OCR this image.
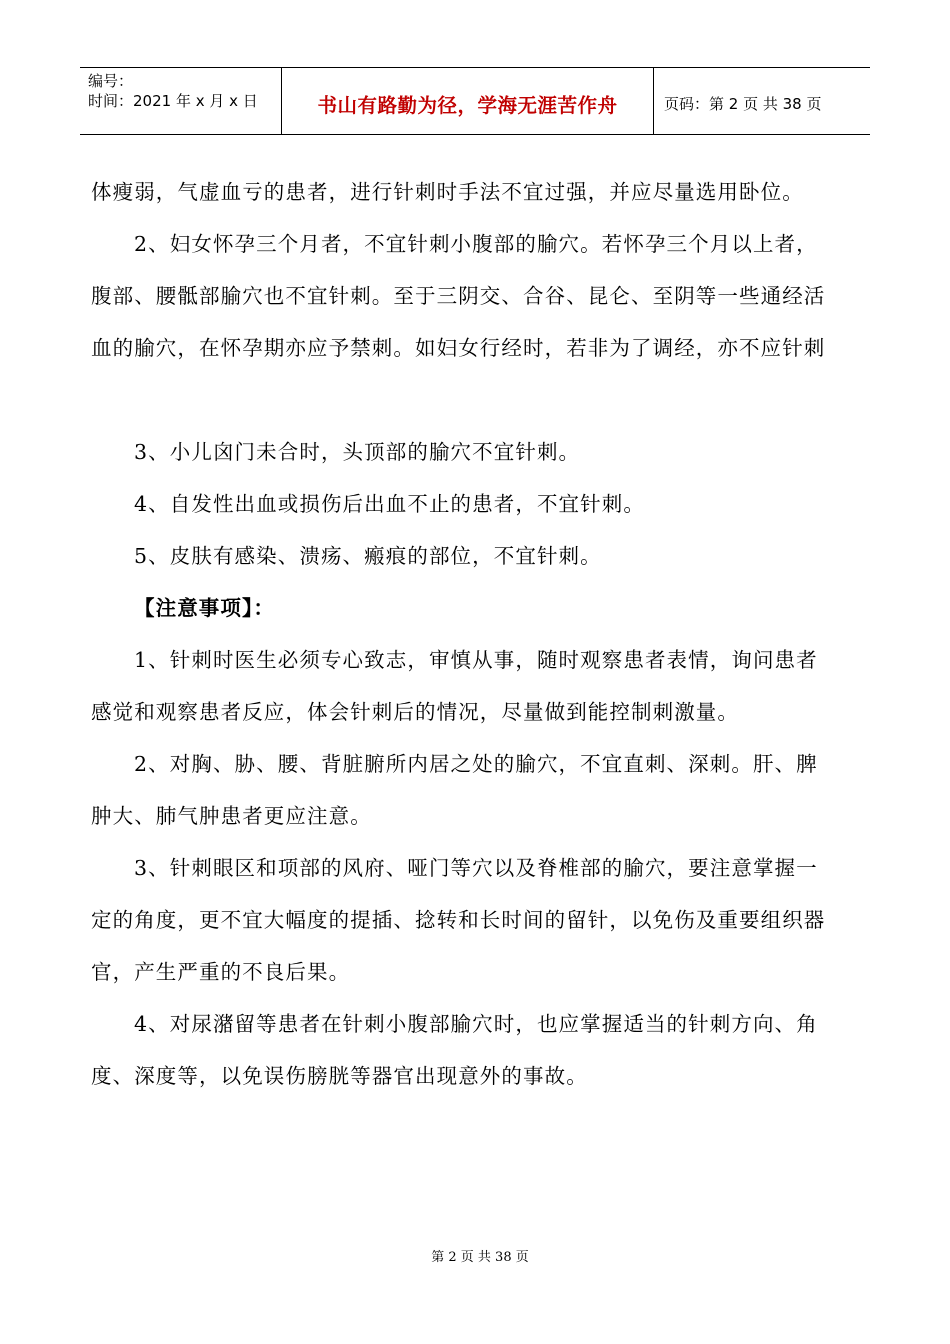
编号：
时间：2021 年 x 月 x 日	书山有路勤为径，学海无涯苦作舟	页码：第 2 页 共 38 页
体瘦弱，气虚血亏的患者，进行针刺时手法不宜过强，并应尽量选用卧位。
2、妇女怀孕三个月者，不宜针刺小腹部的腧穴。若怀孕三个月以上者，
腹部、腰骶部腧穴也不宜针刺。至于三阴交、合谷、昆仑、至阴等一些通经活
血的腧穴，在怀孕期亦应予禁刺。如妇女行经时，若非为了调经，亦不应针刺
3、小儿囟门未合时，头顶部的腧穴不宜针刺。
4、自发性出血或损伤后出血不止的患者，不宜针刺。
5、皮肤有感染、溃疡、瘢痕的部位，不宜针刺。
【注意事项】：
1、针刺时医生必须专心致志，审慎从事，随时观察患者表情，询问患者
感觉和观察患者反应，体会针刺后的情况，尽量做到能控制刺激量。
2、对胸、胁、腰、背脏腑所内居之处的腧穴，不宜直刺、深刺。肝、脾
肿大、肺气肿患者更应注意。
3、针刺眼区和项部的风府、哑门等穴以及脊椎部的腧穴，要注意掌握一
定的角度，更不宜大幅度的提插、捻转和长时间的留针，以免伤及重要组织器
官，产生严重的不良后果。
4、对尿潴留等患者在针刺小腹部腧穴时，也应掌握适当的针刺方向、角
度、深度等，以免误伤膀胱等器官出现意外的事故。
第 2 页 共 38 页
